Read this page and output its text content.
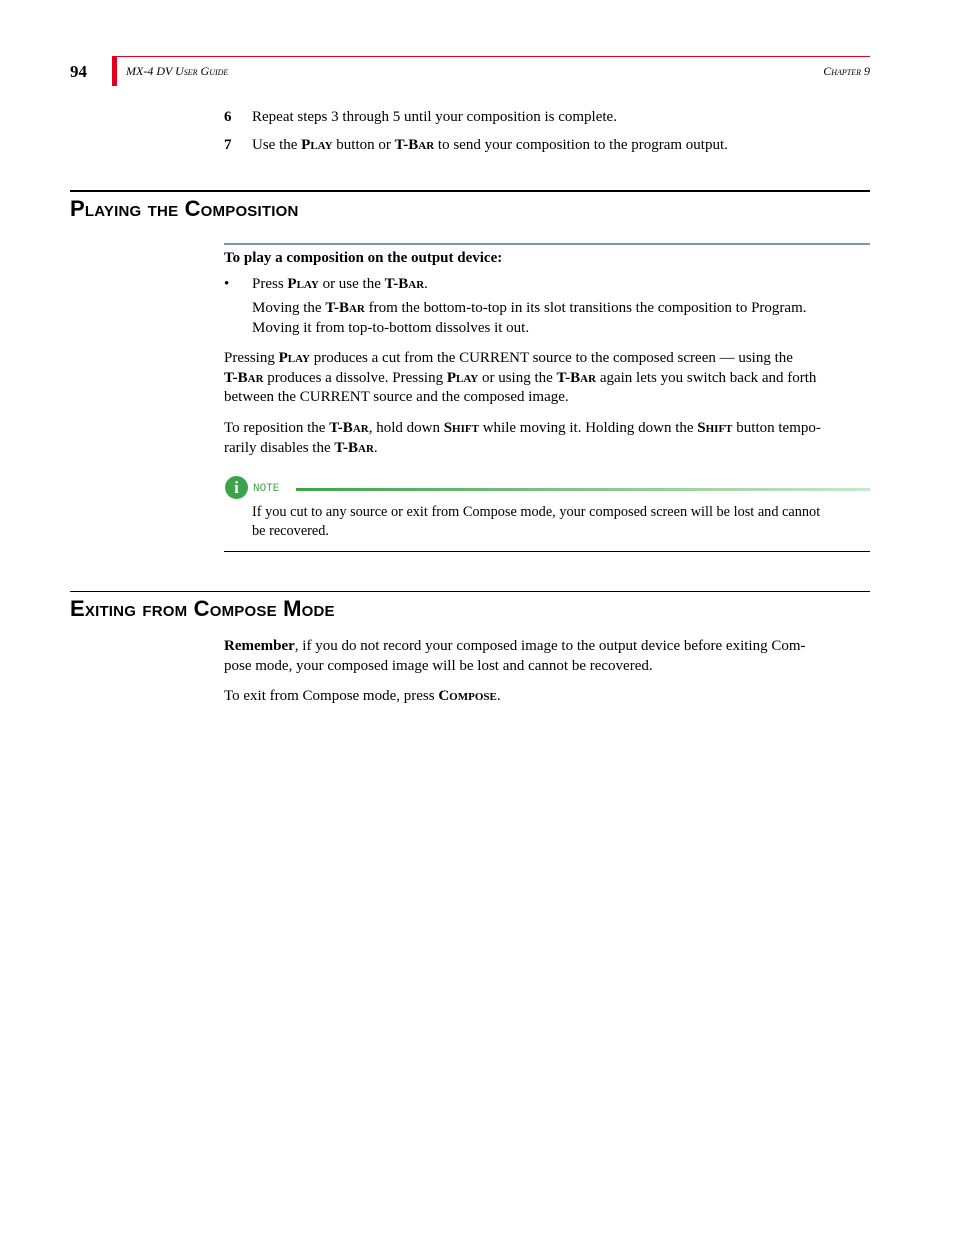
94	MX-4 DV User Guide	Chapter 9
6 Repeat steps 3 through 5 until your composition is complete.
7 Use the Play button or T-Bar to send your composition to the program output.
Playing the Composition
To play a composition on the output device:
• Press Play or use the T-Bar.
Moving the T-Bar from the bottom-to-top in its slot transitions the composition to Program.
Moving it from top-to-bottom dissolves it out.
Pressing Play produces a cut from the CURRENT source to the composed screen — using the
T-Bar produces a dissolve. Pressing Play or using the T-Bar again lets you switch back and forth
between the CURRENT source and the composed image.
To reposition the T-Bar, hold down Shift while moving it. Holding down the Shift button tempo-
rarily disables the T-Bar.
i	NOTE
If you cut to any source or exit from Compose mode, your composed screen will be lost and cannot
be recovered.
Exiting from Compose Mode
Remember, if you do not record your composed image to the output device before exiting Com-
pose mode, your composed image will be lost and cannot be recovered.
To exit from Compose mode, press Compose.
